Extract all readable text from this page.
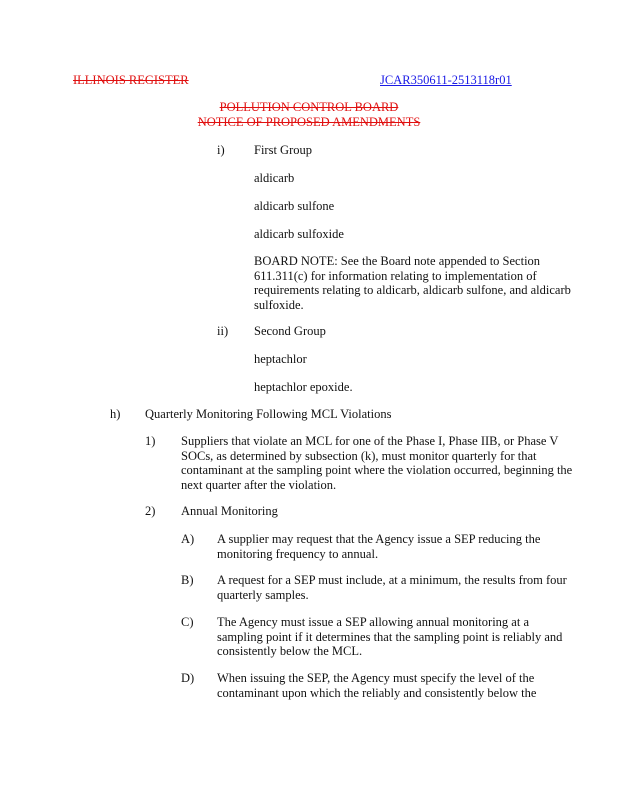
ILLINOIS REGISTER	JCAR350611-2513118r01
POLLUTION CONTROL BOARD
NOTICE OF PROPOSED AMENDMENTS
i) First Group
aldicarb
aldicarb sulfone
aldicarb sulfoxide
BOARD NOTE: See the Board note appended to Section 611.311(c) for information relating to implementation of requirements relating to aldicarb, aldicarb sulfone, and aldicarb sulfoxide.
ii) Second Group
heptachlor
heptachlor epoxide.
h) Quarterly Monitoring Following MCL Violations
1) Suppliers that violate an MCL for one of the Phase I, Phase IIB, or Phase V SOCs, as determined by subsection (k), must monitor quarterly for that contaminant at the sampling point where the violation occurred, beginning the next quarter after the violation.
2) Annual Monitoring
A) A supplier may request that the Agency issue a SEP reducing the monitoring frequency to annual.
B) A request for a SEP must include, at a minimum, the results from four quarterly samples.
C) The Agency must issue a SEP allowing annual monitoring at a sampling point if it determines that the sampling point is reliably and consistently below the MCL.
D) When issuing the SEP, the Agency must specify the level of the contaminant upon which the reliably and consistently below the
